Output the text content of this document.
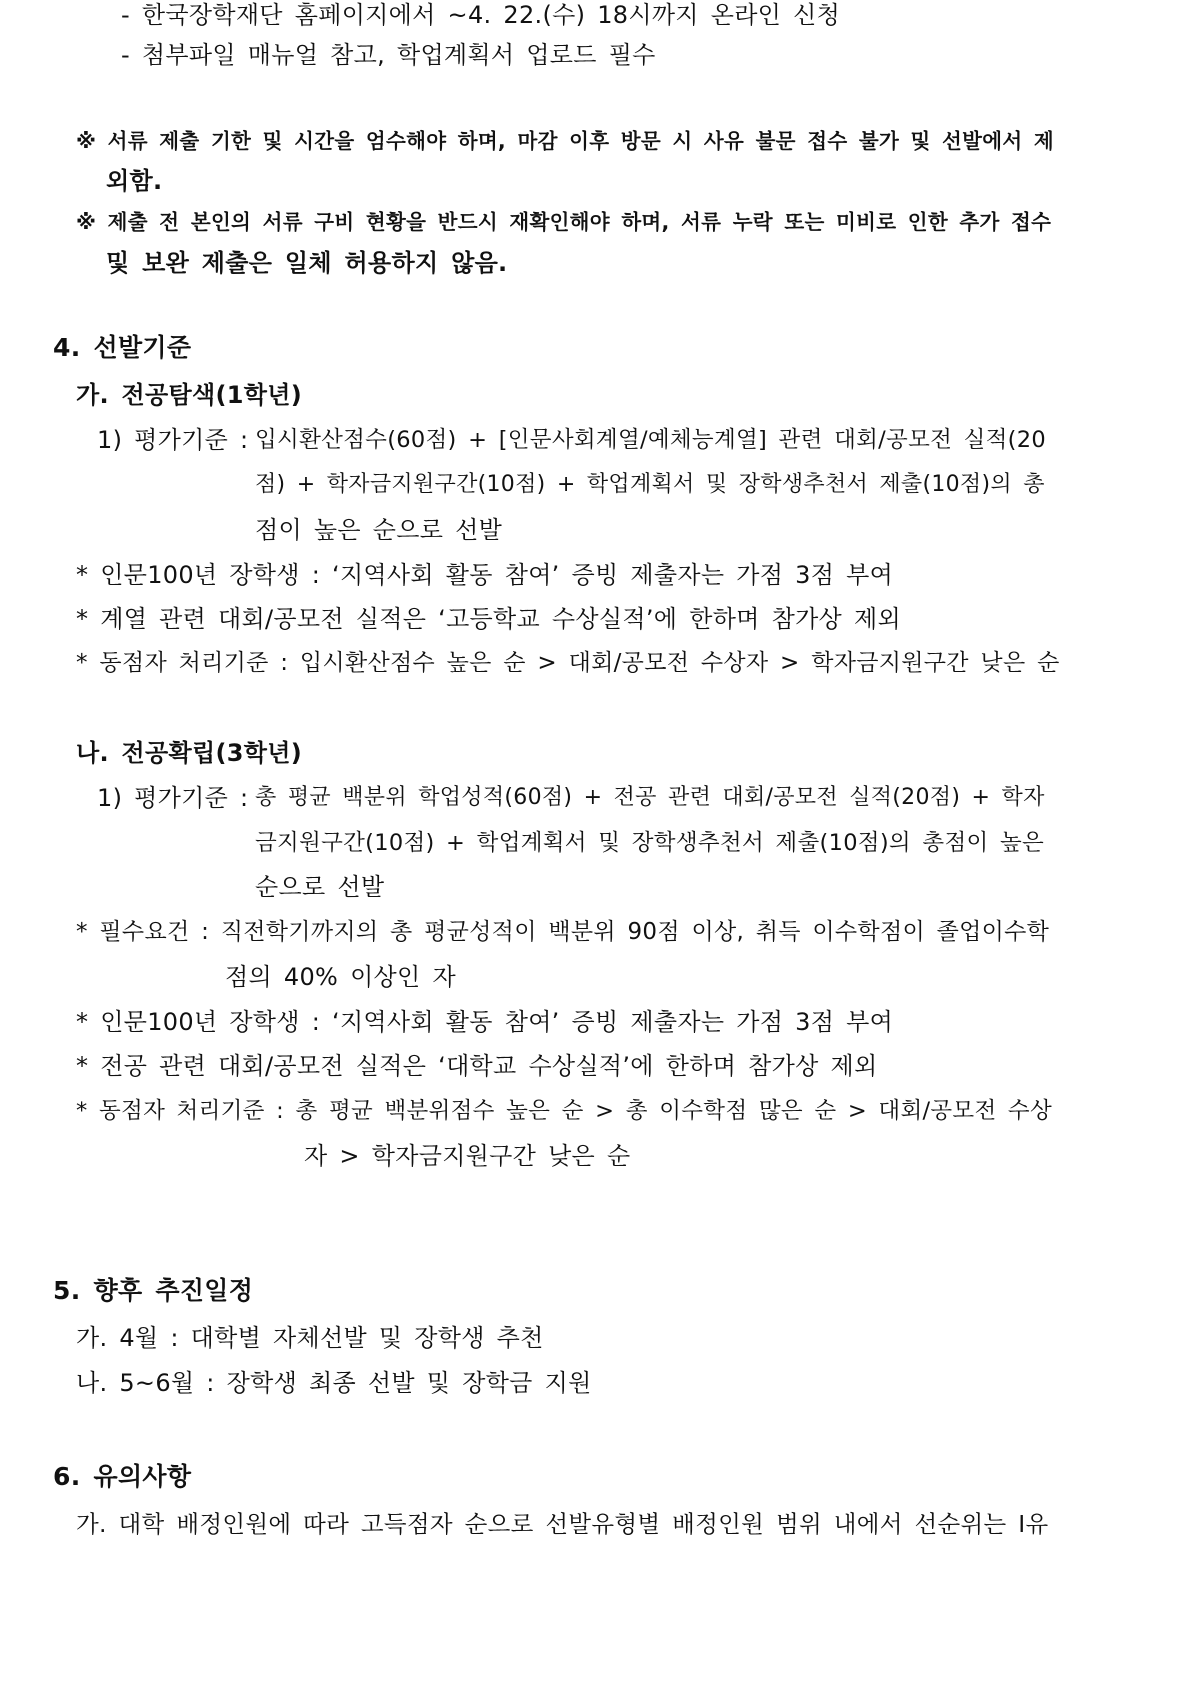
- 한국장학재단 홈페이지에서 ~4. 22.(수) 18시까지 온라인 신청
- 첨부파일 매뉴얼 참고, 학업계획서 업로드 필수
※ 서류 제출 기한 및 시간을 엄수해야 하며, 마감 이후 방문 시 사유 불문 접수 불가 및 선발에서 제
외함.
※ 제출 전 본인의 서류 구비 현황을 반드시 재확인해야 하며, 서류 누락 또는 미비로 인한 추가 접수
및 보완 제출은 일체 허용하지 않음.
4. 선발기준
가. 전공탐색(1학년)
1) 평가기준 : 입시환산점수(60점) + [인문사회계열/예체능계열] 관련 대회/공모전 실적(20
점) + 학자금지원구간(10점) + 학업계획서 및 장학생추천서 제출(10점)의 총
점이 높은 순으로 선발
* 인문100년 장학생 : ‘지역사회 활동 참여’ 증빙 제출자는 가점 3점 부여
* 계열 관련 대회/공모전 실적은 ‘고등학교 수상실적’에 한하며 참가상 제외
* 동점자 처리기준 : 입시환산점수 높은 순 > 대회/공모전 수상자 > 학자금지원구간 낮은 순
나. 전공확립(3학년)
1) 평가기준 : 총 평균 백분위 학업성적(60점) + 전공 관련 대회/공모전 실적(20점) + 학자
금지원구간(10점) + 학업계획서 및 장학생추천서 제출(10점)의 총점이 높은
순으로 선발
* 필수요건 : 직전학기까지의 총 평균성적이 백분위 90점 이상, 취득 이수학점이 졸업이수학
점의 40% 이상인 자
* 인문100년 장학생 : ‘지역사회 활동 참여’ 증빙 제출자는 가점 3점 부여
* 전공 관련 대회/공모전 실적은 ‘대학교 수상실적’에 한하며 참가상 제외
* 동점자 처리기준 : 총 평균 백분위점수 높은 순 > 총 이수학점 많은 순 > 대회/공모전 수상
자 > 학자금지원구간 낮은 순
5. 향후 추진일정
가. 4월 : 대학별 자체선발 및 장학생 추천
나. 5~6월 : 장학생 최종 선발 및 장학금 지원
6. 유의사항
가. 대학 배정인원에 따라 고득점자 순으로 선발유형별 배정인원 범위 내에서 선순위는 Ⅰ유
